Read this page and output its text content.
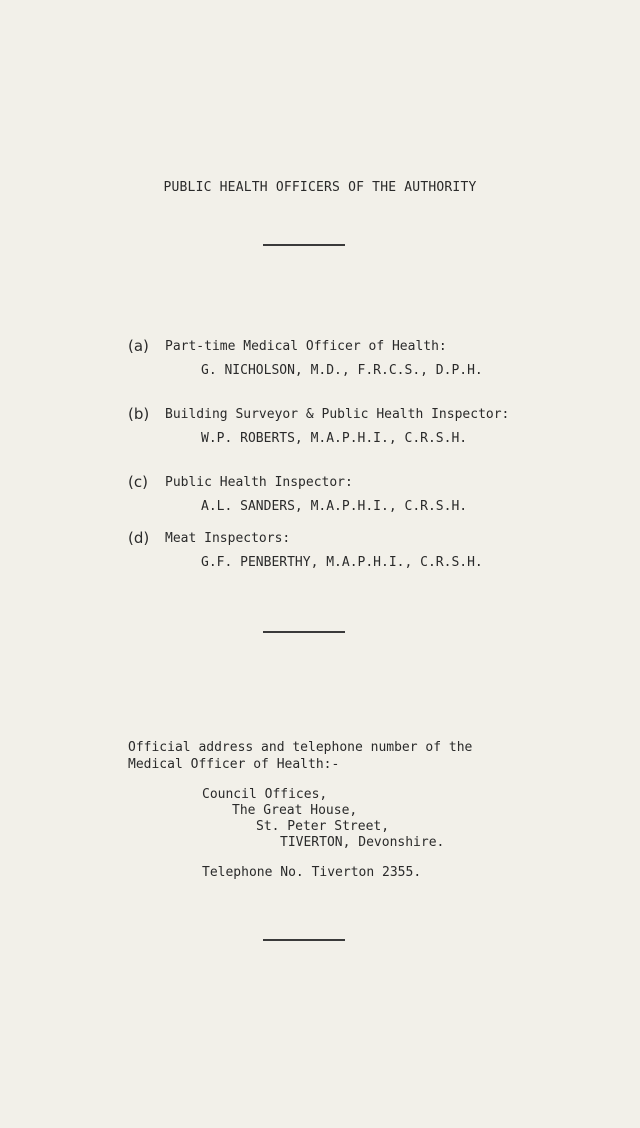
PUBLIC HEALTH OFFICERS OF THE AUTHORITY
(a) Part-time Medical Officer of Health:
G. NICHOLSON, M.D., F.R.C.S., D.P.H.
(b) Building Surveyor & Public Health Inspector:
W.P. ROBERTS, M.A.P.H.I., C.R.S.H.
(c) Public Health Inspector:
A.L. SANDERS, M.A.P.H.I., C.R.S.H.
(d) Meat Inspectors:
G.F. PENBERTHY, M.A.P.H.I., C.R.S.H.
Official address and telephone number of the
Medical Officer of Health:-
Council Offices,
The Great House,
St. Peter Street,
TIVERTON, Devonshire.
Telephone No. Tiverton 2355.
